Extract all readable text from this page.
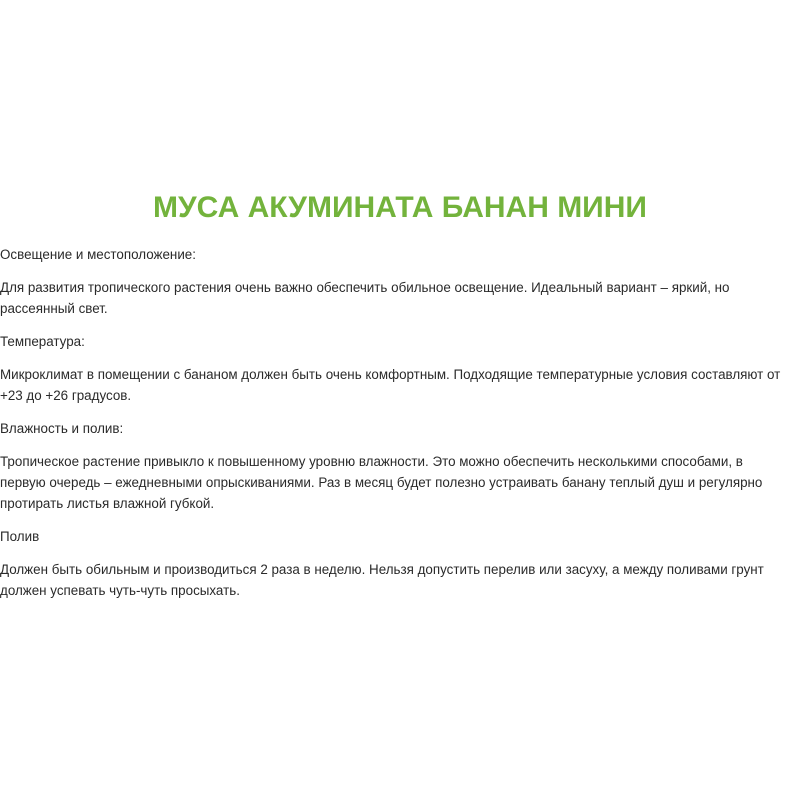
МУСА АКУМИНАТА БАНАН МИНИ

Освещение и местоположение:

Для развития тропического растения очень важно обеспечить обильное освещение. Идеальный вариант – яркий, но рассеянный свет.

Температура:

Микроклимат в помещении с бананом должен быть очень комфортным. Подходящие температурные условия составляют от +23 до +26 градусов.

Влажность и полив:

Тропическое растение привыкло к повышенному уровню влажности. Это можно обеспечить несколькими способами, в первую очередь – ежедневными опрыскиваниями. Раз в месяц будет полезно устраивать банану теплый душ и регулярно протирать листья влажной губкой.

Полив

Должен быть обильным и производиться 2 раза в неделю. Нельзя допустить перелив или засуху, а между поливами грунт должен успевать чуть-чуть просыхать.
